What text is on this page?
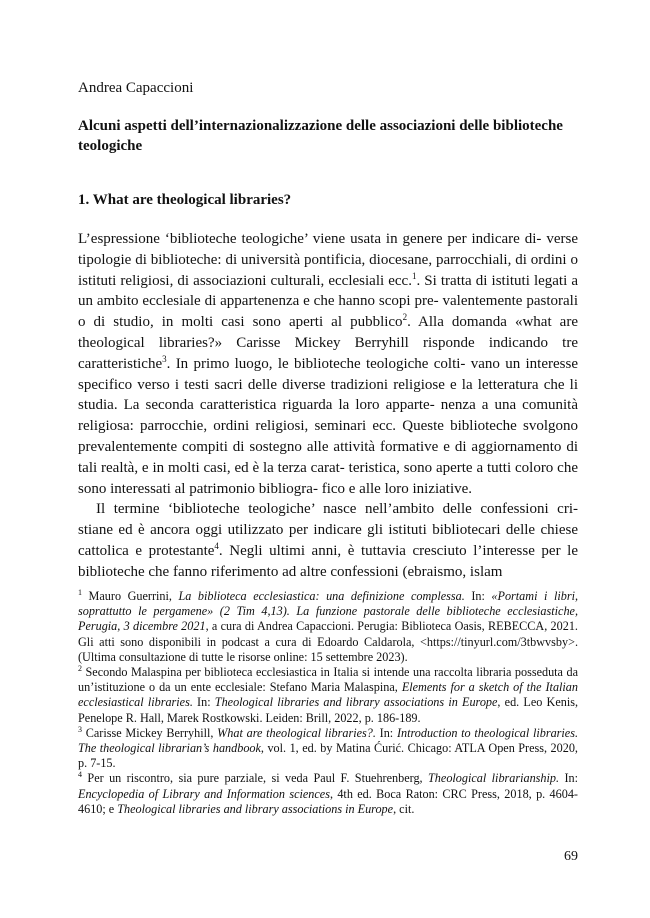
Andrea Capaccioni
Alcuni aspetti dell’internazionalizzazione delle associazioni delle biblioteche teologiche
1. What are theological libraries?

L’espressione ‘biblioteche teologiche’ viene usata in genere per indicare di- verse tipologie di biblioteche: di università pontificia, diocesane, parrocchiali, di ordini o istituti religiosi, di associazioni culturali, ecclesiali ecc.$^1$. Si tratta di istituti legati a un ambito ecclesiale di appartenenza e che hanno scopi pre- valentemente pastorali o di studio, in molti casi sono aperti al pubblico$^2$. Alla domanda «what are theological libraries?» Carisse Mickey Berryhill risponde indicando tre caratteristiche$^3$. In primo luogo, le biblioteche teologiche colti- vano un interesse specifico verso i testi sacri delle diverse tradizioni religiose e la letteratura che li studia. La seconda caratteristica riguarda la loro apparte- nenza a una comunità religiosa: parrocchie, ordini religiosi, seminari ecc. Queste biblioteche svolgono prevalentemente compiti di sostegno alle attività formative e di aggiornamento di tali realtà, e in molti casi, ed è la terza carat- teristica, sono aperte a tutti coloro che sono interessati al patrimonio bibliogra- fico e alle loro iniziative.

Il termine ‘biblioteche teologiche’ nasce nell’ambito delle confessioni cri- stiane ed è ancora oggi utilizzato per indicare gli istituti bibliotecari delle chiese cattolica e protestante$^4$. Negli ultimi anni, è tuttavia cresciuto l’interesse per le biblioteche che fanno riferimento ad altre confessioni (ebraismo, islam

$^1$ Mauro Guerrini, La biblioteca ecclesiastica: una definizione complessa. In: «Portami i libri, soprattutto le pergamene» (2 Tim 4,13). La funzione pastorale delle biblioteche ecclesiastiche, Perugia, 3 dicembre 2021, a cura di Andrea Capaccioni. Perugia: Biblioteca Oasis, REBECCA, 2021. Gli atti sono disponibili in podcast a cura di Edoardo Caldarola, <https://tinyurl.com/3tbwvsby>. (Ultima consultazione di tutte le risorse online: 15 settembre 2023).

$^2$ Secondo Malaspina per biblioteca ecclesiastica in Italia si intende una raccolta libraria posseduta da un’istituzione o da un ente ecclesiale: Stefano Maria Malaspina, Elements for a sketch of the Italian ecclesiastical libraries. In: Theological libraries and library associations in Europe, ed. Leo Kenis, Penelope R. Hall, Marek Rostkowski. Leiden: Brill, 2022, p. 186-189.

$^3$ Carisse Mickey Berryhill, What are theological libraries?. In: Introduction to theological libraries. The theological librarian’s handbook, vol. 1, ed. by Matina Ćurić. Chicago: ATLA Open Press, 2020, p. 7-15.

$^4$ Per un riscontro, sia pure parziale, si veda Paul F. Stuehrenberg, Theological librarianship. In: Encyclopedia of Library and Information sciences, 4th ed. Boca Raton: CRC Press, 2018, p. 4604-4610; e Theological libraries and library associations in Europe, cit.

69
